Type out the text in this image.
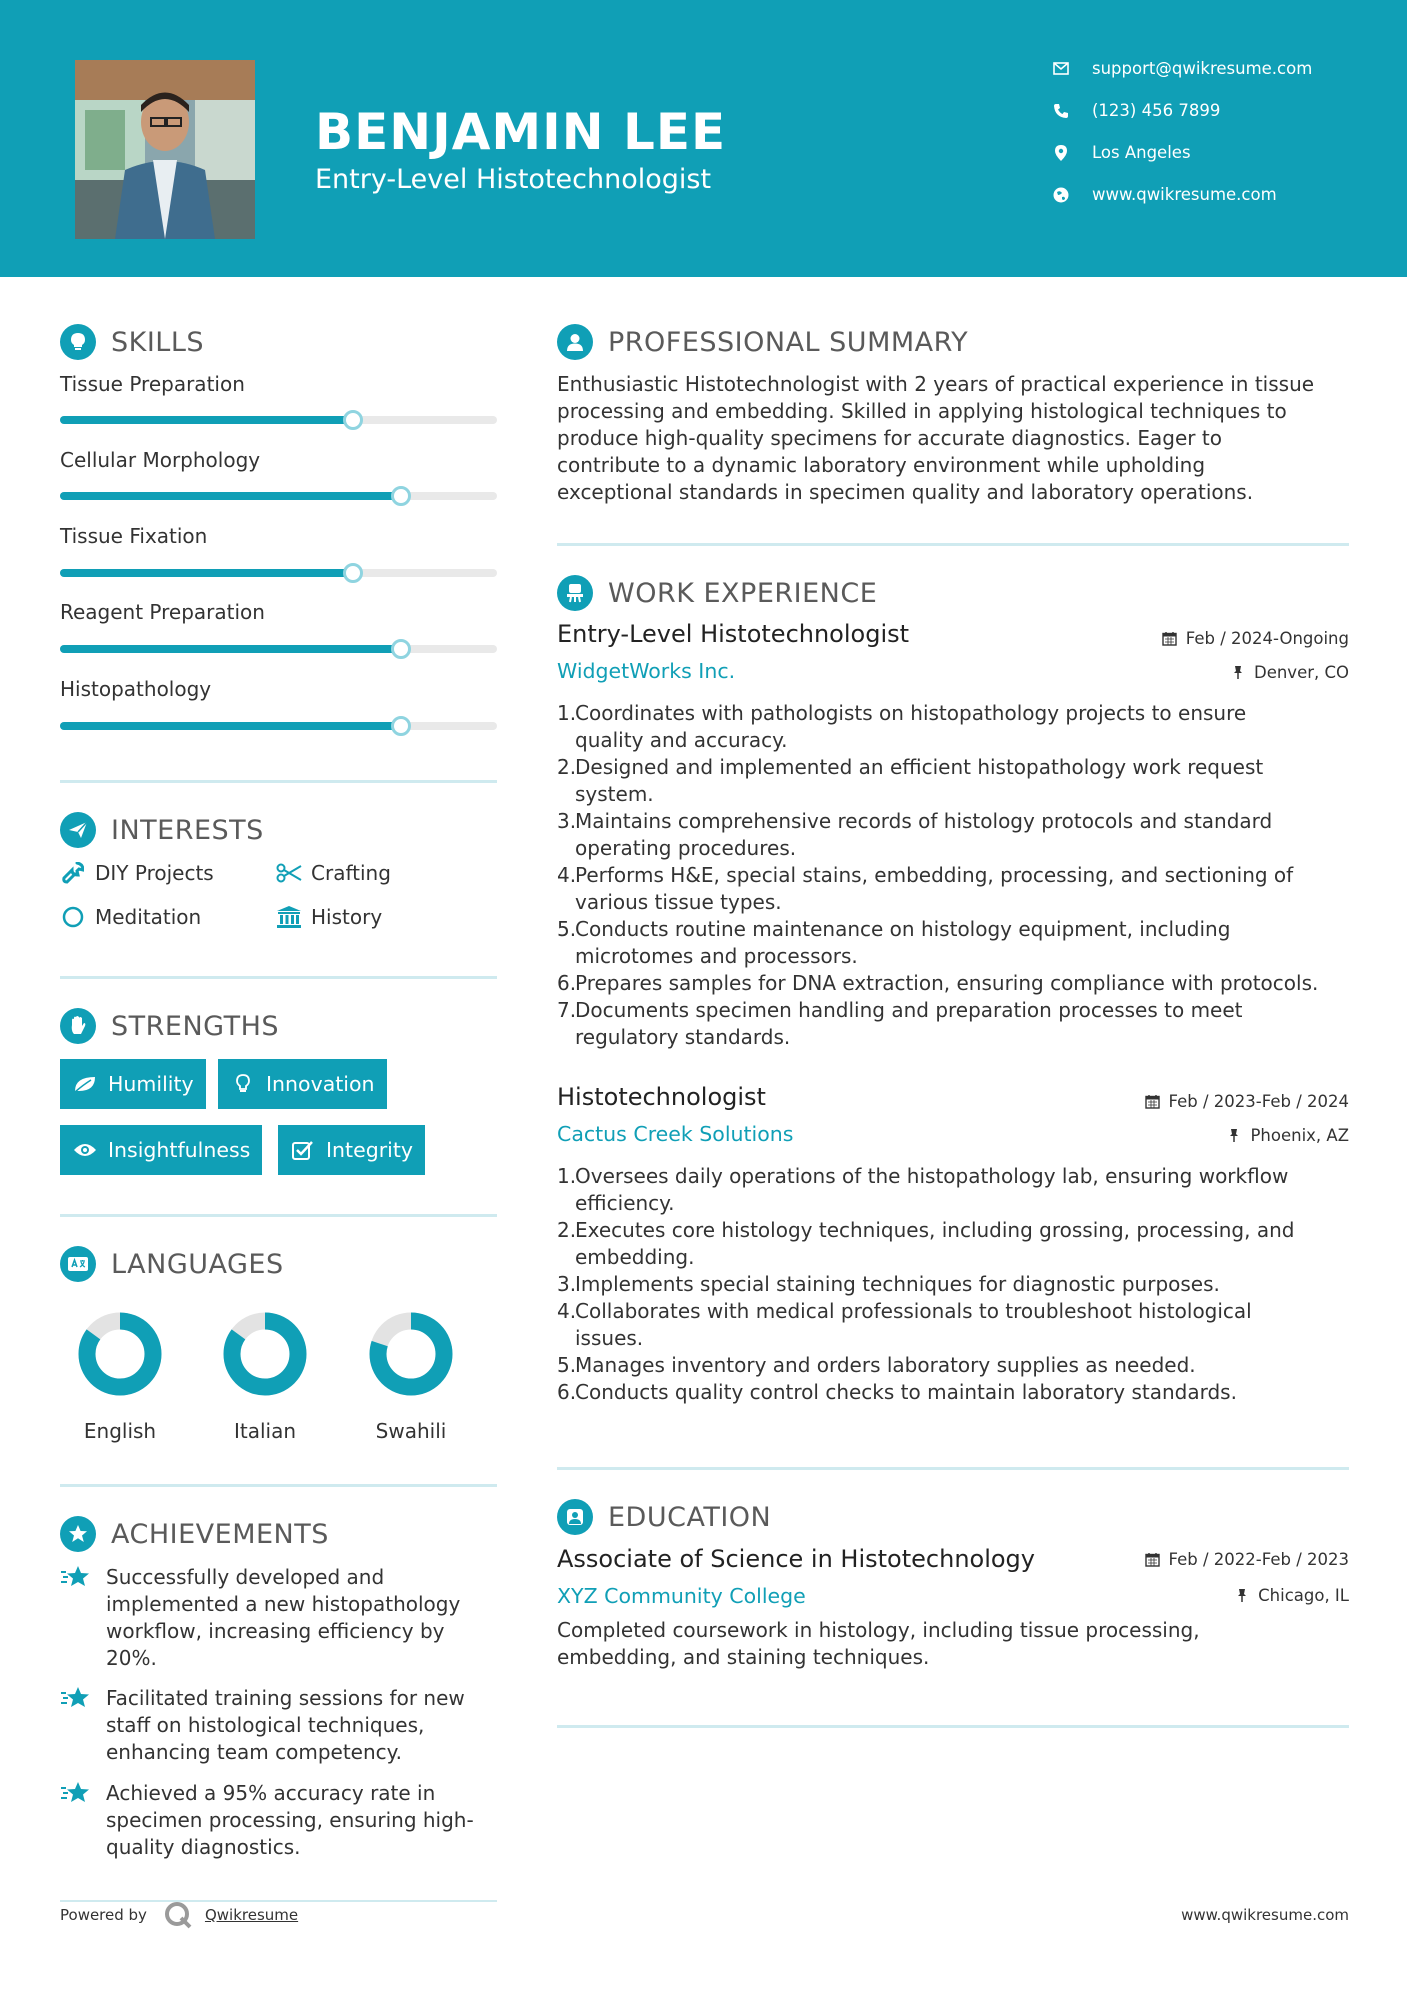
BENJAMIN LEE
Entry-Level Histotechnologist
support@qwikresume.com
(123) 456 7899
Los Angeles
www.qwikresume.com
SKILLS
Tissue Preparation
Cellular Morphology
Tissue Fixation
Reagent Preparation
Histopathology
INTERESTS
DIY Projects	Crafting
Meditation	History
STRENGTHS
Humility	Innovation
Insightfulness	Integrity
LANGUAGES
English	Italian	Swahili
ACHIEVEMENTS
Successfully developed and
implemented a new histopathology
workflow, increasing efficiency by
20%.
Facilitated training sessions for new
staff on histological techniques,
enhancing team competency.
Achieved a 95% accuracy rate in
specimen processing, ensuring high-
quality diagnostics.
PROFESSIONAL SUMMARY
Enthusiastic Histotechnologist with 2 years of practical experience in tissue
processing and embedding. Skilled in applying histological techniques to
produce high-quality specimens for accurate diagnostics. Eager to
contribute to a dynamic laboratory environment while upholding
exceptional standards in specimen quality and laboratory operations.
WORK EXPERIENCE
Entry-Level Histotechnologist	Feb / 2024-Ongoing
WidgetWorks Inc.	Denver, CO
1.
Coordinates with pathologists on histopathology projects to ensure
quality and accuracy.
2.
Designed and implemented an efficient histopathology work request
system.
3.
Maintains comprehensive records of histology protocols and standard
operating procedures.
4.
Performs H&E, special stains, embedding, processing, and sectioning of
various tissue types.
5.
Conducts routine maintenance on histology equipment, including
microtomes and processors.
6.
Prepares samples for DNA extraction, ensuring compliance with protocols.
7.
Documents specimen handling and preparation processes to meet
regulatory standards.
Histotechnologist	Feb / 2023-Feb / 2024
Cactus Creek Solutions	Phoenix, AZ
1.
Oversees daily operations of the histopathology lab, ensuring workflow
efficiency.
2.
Executes core histology techniques, including grossing, processing, and
embedding.
3.
Implements special staining techniques for diagnostic purposes.
4.
Collaborates with medical professionals to troubleshoot histological
issues.
5.
Manages inventory and orders laboratory supplies as needed.
6.
Conducts quality control checks to maintain laboratory standards.
EDUCATION
Associate of Science in Histotechnology	Feb / 2022-Feb / 2023
XYZ Community College	Chicago, IL
Completed coursework in histology, including tissue processing,
embedding, and staining techniques.
Powered by	Qwikresume	www.qwikresume.com
